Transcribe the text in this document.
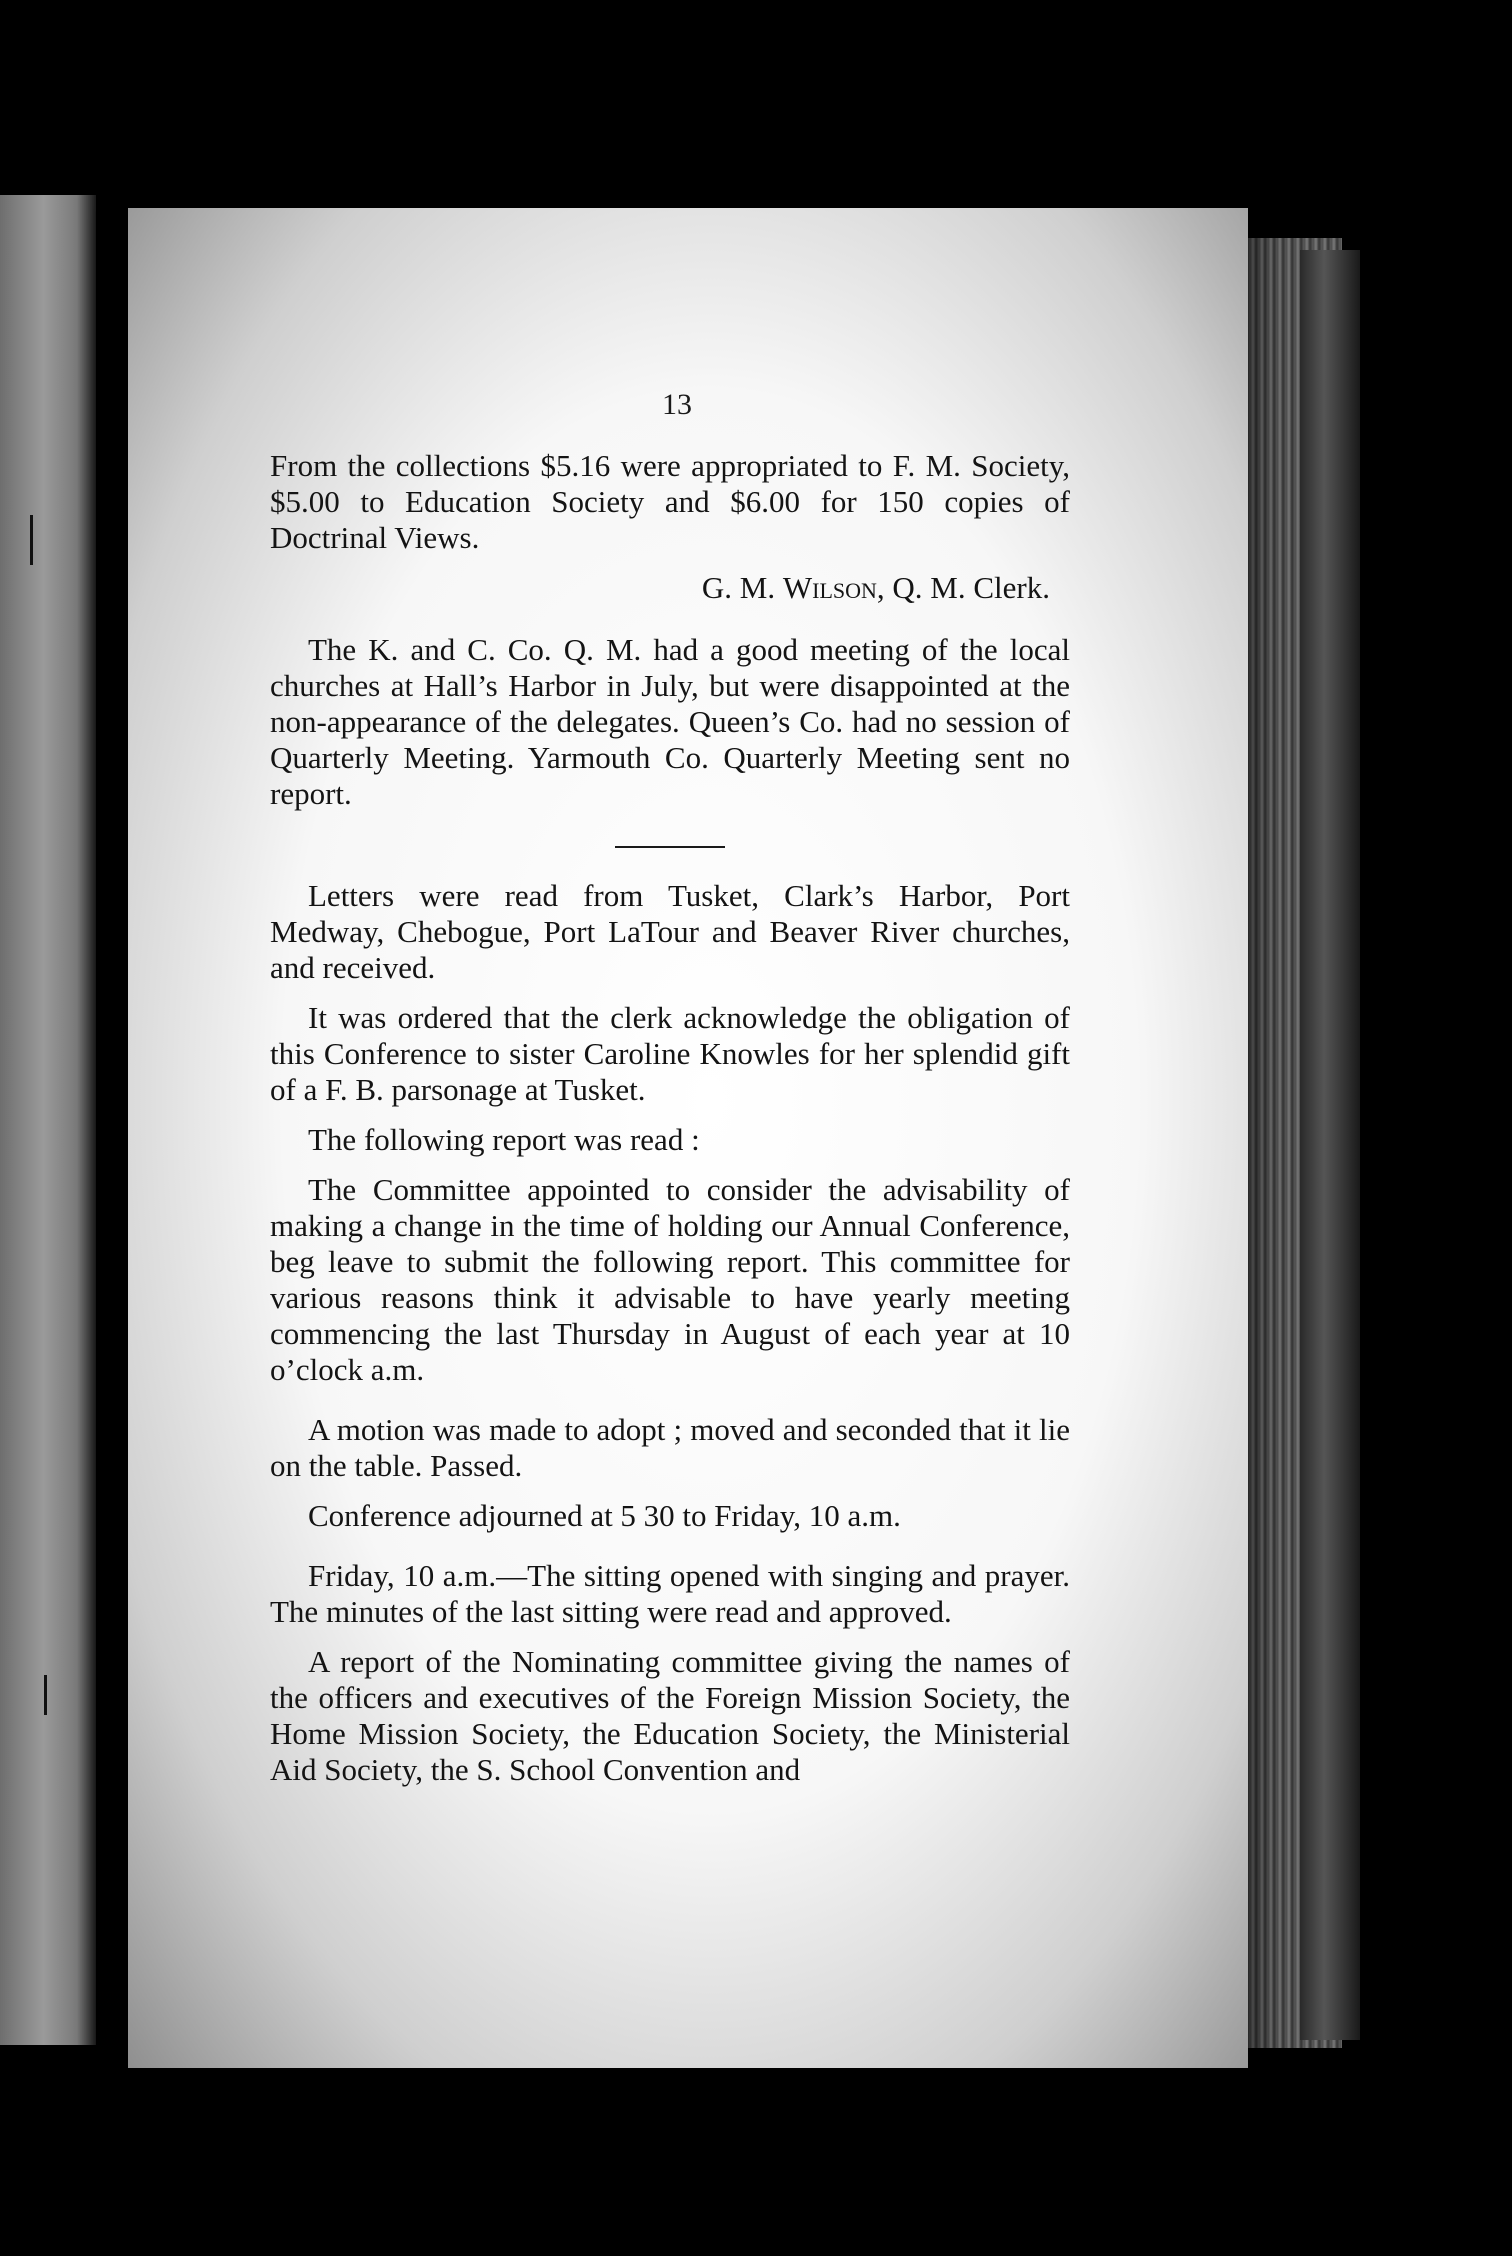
13

From the collections $5.16 were appropriated to F. M. Society, $5.00 to Education Society and $6.00 for 150 copies of Doctrinal Views.

G. M. Wilson, Q. M. Clerk.

The K. and C. Co. Q. M. had a good meeting of the local churches at Hall’s Harbor in July, but were disappointed at the non-appearance of the delegates. Queen’s Co. had no session of Quarterly Meeting. Yarmouth Co. Quarterly Meeting sent no report.

Letters were read from Tusket, Clark’s Harbor, Port Medway, Chebogue, Port LaTour and Beaver River churches, and received.

It was ordered that the clerk acknowledge the obligation of this Conference to sister Caroline Knowles for her splendid gift of a F. B. parsonage at Tusket.

The following report was read :

The Committee appointed to consider the advisability of making a change in the time of holding our Annual Conference, beg leave to submit the following report. This committee for various reasons think it advisable to have yearly meeting commencing the last Thursday in August of each year at 10 o’clock a.m.

A motion was made to adopt ; moved and seconded that it lie on the table. Passed.

Conference adjourned at 5 30 to Friday, 10 a.m.

Friday, 10 a.m.—The sitting opened with singing and prayer. The minutes of the last sitting were read and approved.

A report of the Nominating committee giving the names of the officers and executives of the Foreign Mission Society, the Home Mission Society, the Education Society, the Ministerial Aid Society, the S. School Convention and
